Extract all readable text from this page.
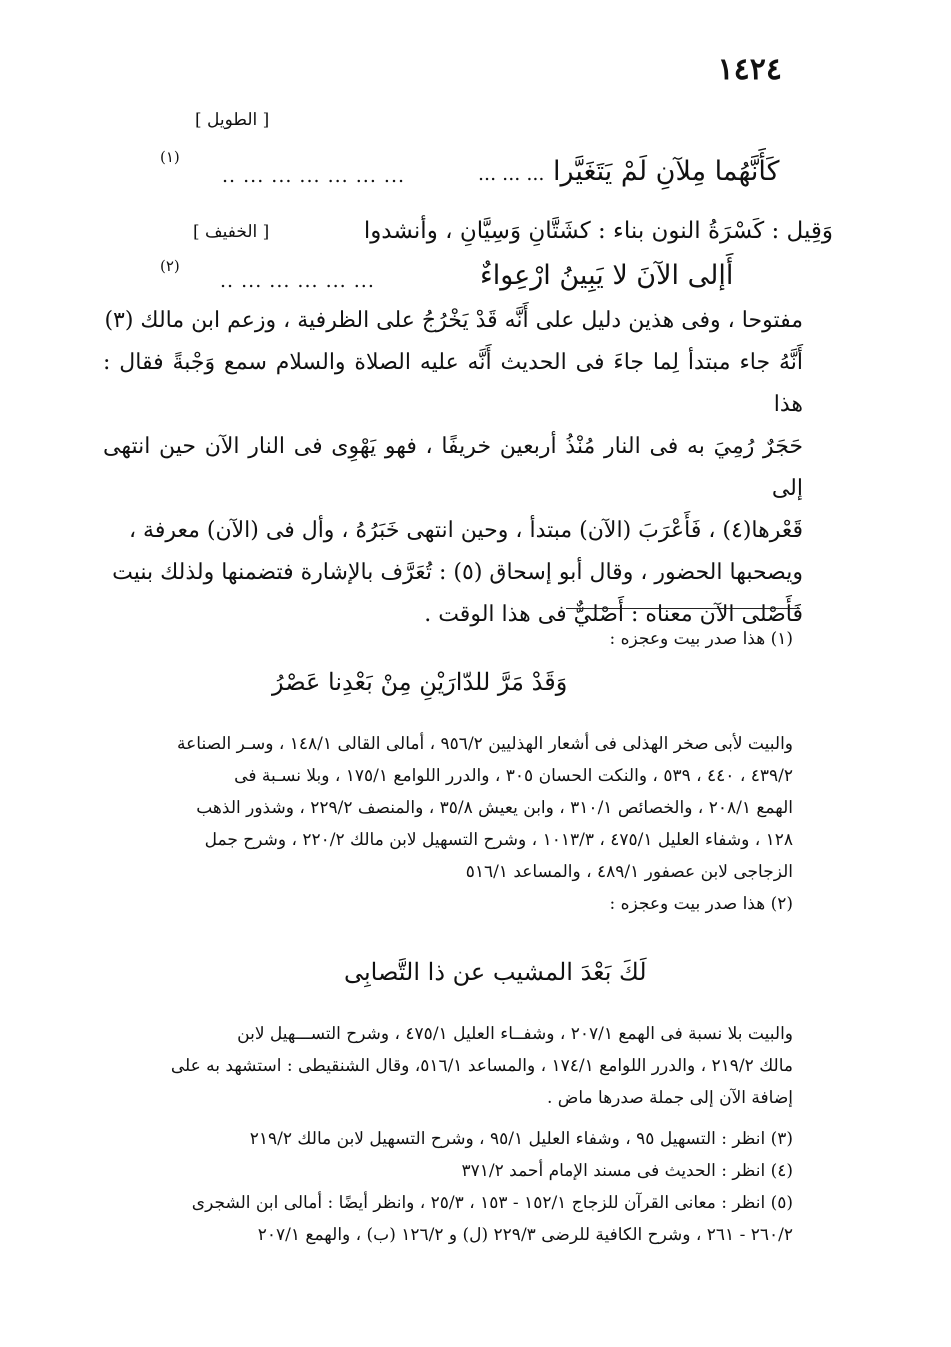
١٤٢٤
[ الطويل ]
(١)
.. ... ... ... ... ... ...	كَأَنَّهُما مِلآنِ لَمْ يَتَغَيَّرا ... ... ...
[ الخفيف ]	وَقِيل : كَسْرَةُ النون بناء : كشَتَّانِ وَسِيَّانِ ، وأنشدوا
(٢)
.. ... ... ... ... ...	أَإلى الآنَ لا يَبِينُ ارْعِواءٌ

مفتوحا ، وفى هذين دليل على أَنَّه قَدْ يَخْرُجُ على الظرفية ، وزعم ابن مالك (٣)

أَنَّهُ جاء مبتدأ لِما جاءَ فى الحديث أَنَّه عليه الصلاة والسلام سمع وَجْبةً فقال : هذا

حَجَرٌ رُمِيَ به فى النار مُنْذُ أربعين خريفًا ، فهو يَهْوِى فى النار الآن حين انتهى إلى

قَعْرها(٤) ، فَأَعْرَبَ (الآن) مبتدأ ، وحين انتهى خَبَرُهُ ، وأل فى (الآن) معرفة ،

ويصحبها الحضور ، وقال أبو إسحاق (٥) : تُعَرَّف بالإشارة فتضمنها ولذلك بنيت

فَأَصْلى الآن معناه : أَصْليٌّ فى هذا الوقت .

(١) هذا صدر بيت وعجزه :

وَقَدْ مَرَّ للدّارَيْنِ مِنْ بَعْدِنا عَصْرُ

والبيت لأبى صخر الهذلى فى أشعار الهذليين ٩٥٦/٢ ، أمالى القالى ١٤٨/١ ، وسـر الصناعة

٤٣٩/٢ ، ٤٤٠ ، ٥٣٩ ، والنكت الحسان ٣٠٥ ، والدرر اللوامع ١٧٥/١ ، وبلا نسـبة فى

الهمع ٢٠٨/١ ، والخصائص ٣١٠/١ ، وابن يعيش ٣٥/٨ ، والمنصف ٢٢٩/٢ ، وشذور الذهب

١٢٨ ، وشفاء العليل ٤٧٥/١ ، ١٠١٣/٣ ، وشرح التسهيل لابن مالك ٢٢٠/٢ ، وشرح جمل

الزجاجى لابن عصفور ٤٨٩/١ ، والمساعد ٥١٦/١

(٢) هذا صدر بيت وعجزه :

لَكَ بَعْدَ المشيب عن ذا التَّصابِى

والبيت بلا نسبة فى الهمع ٢٠٧/١ ، وشفــاء العليل ٤٧٥/١ ، وشرح التســـهيل لابن

مالك ٢١٩/٢ ، والدرر اللوامع ١٧٤/١ ، والمساعد ٥١٦/١، وقال الشنقيطى : استشهد به على

إضافة الآن إلى جملة صدرها ماض .

(٣) انظر : التسهيل ٩٥ ، وشفاء العليل ٩٥/١ ، وشرح التسهيل لابن مالك ٢١٩/٢

(٤) انظر : الحديث فى مسند الإمام أحمد ٣٧١/٢

(٥) انظر : معانى القرآن للزجاج ١٥٢/١ - ١٥٣ ، ٢٥/٣ ، وانظر أيضًا : أمالى ابن الشجرى

٢٦٠/٢ - ٢٦١ ، وشرح الكافية للرضى ٢٢٩/٣ (ل) و ١٢٦/٢ (ب) ، والهمع ٢٠٧/١
